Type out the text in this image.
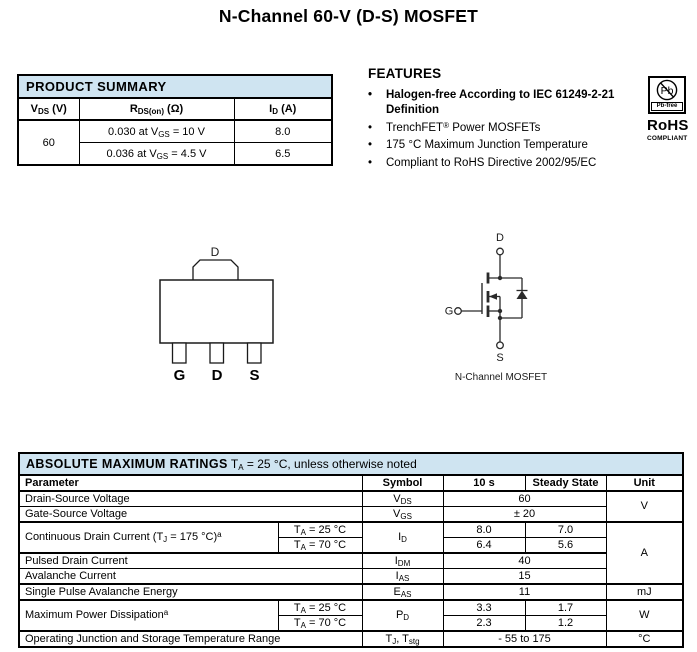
N-Channel 60-V (D-S) MOSFET
PRODUCT SUMMARY		
$V_{DS}$ (V)	$R_{DS(on)}$ (Ω)	$I_D$ (A)
60	0.030 at $V_{GS} = 10$ V	8.0
	0.036 at $V_{GS} = 4.5$ V	6.5
FEATURES
•	Halogen-free According to IEC 61249-2-21 Definition
•	TrenchFET® Power MOSFETs
•	175 °C Maximum Junction Temperature
•	Compliant to RoHS Directive 2002/95/EC
Pb
Pb-free
RoHS
COMPLIANT
D
G D S
D
G
S
N-Channel MOSFET
ABSOLUTE MAXIMUM RATINGS $T_A = 25$ °C, unless otherwise noted					
Parameter		Symbol	10 s	Steady State	Unit
Drain-Source Voltage		$V_{DS}$	60		V
Gate-Source Voltage		$V_{GS}$	± 20		
Continuous Drain Current ($T_J = 175$ °C)$^a$	$T_A = 25$ °C	$I_D$	8.0	7.0	A
	$T_A = 70$ °C		6.4	5.6	
Pulsed Drain Current		$I_{DM}$	40		
Avalanche Current		$I_{AS}$	15		
Single Pulse Avalanche Energy		$E_{AS}$	11		mJ
Maximum Power Dissipation$^a$	$T_A = 25$ °C	$P_D$	3.3	1.7	W
	$T_A = 70$ °C		2.3	1.2	
Operating Junction and Storage Temperature Range		$T_J$, $T_{stg}$	- 55 to 175		°C
